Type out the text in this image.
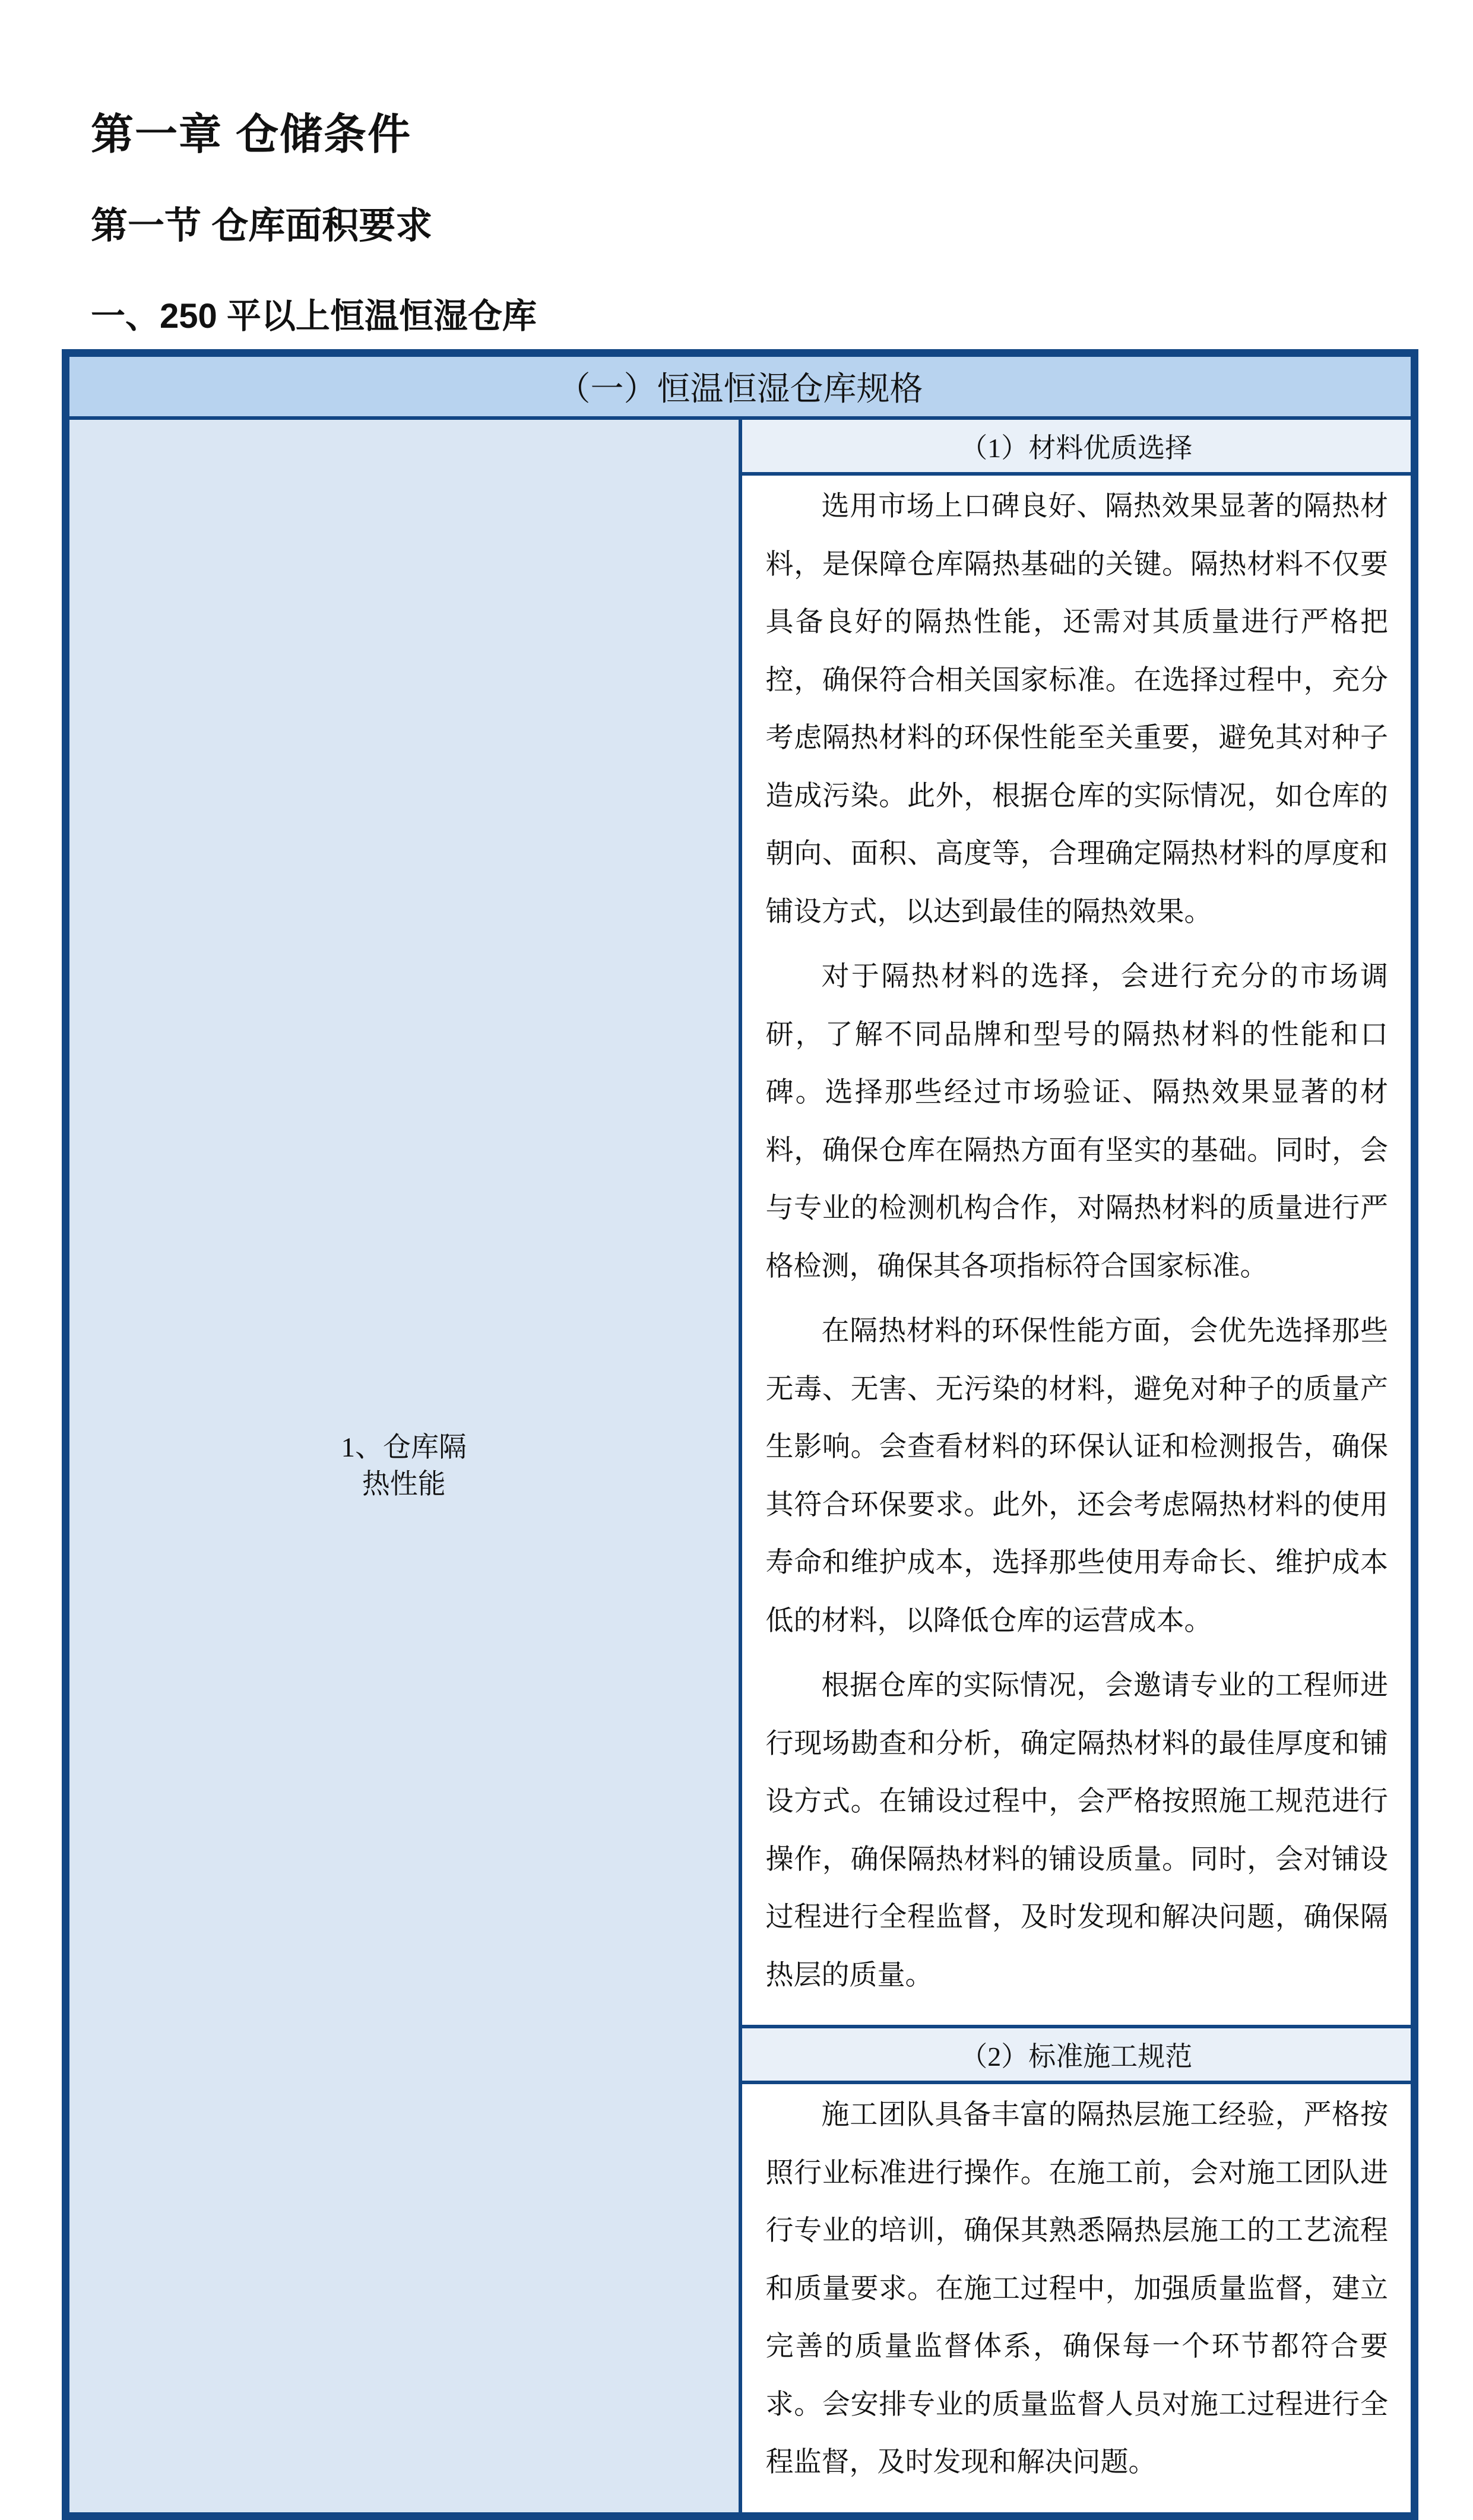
第一章 仓储条件
第一节 仓库面积要求
一、250 平以上恒温恒湿仓库
（一）恒温恒湿仓库规格

1、仓库隔
热性能
	（1）材料优质选择

选用市场上口碑良好、隔热效果显著的隔热材料，是保障仓库隔热基础的关键。隔热材料不仅要具备良好的隔热性能，还需对其质量进行严格把控，确保符合相关国家标准。在选择过程中，充分考虑隔热材料的环保性能至关重要，避免其对种子造成污染。此外，根据仓库的实际情况，如仓库的朝向、面积、高度等，合理确定隔热材料的厚度和铺设方式，以达到最佳的隔热效果。

对于隔热材料的选择，会进行充分的市场调研，了解不同品牌和型号的隔热材料的性能和口碑。选择那些经过市场验证、隔热效果显著的材料，确保仓库在隔热方面有坚实的基础。同时，会与专业的检测机构合作，对隔热材料的质量进行严格检测，确保其各项指标符合国家标准。

在隔热材料的环保性能方面，会优先选择那些无毒、无害、无污染的材料，避免对种子的质量产生影响。会查看材料的环保认证和检测报告，确保其符合环保要求。此外，还会考虑隔热材料的使用寿命和维护成本，选择那些使用寿命长、维护成本低的材料，以降低仓库的运营成本。

根据仓库的实际情况，会邀请专业的工程师进行现场勘查和分析，确定隔热材料的最佳厚度和铺设方式。在铺设过程中，会严格按照施工规范进行操作，确保隔热材料的铺设质量。同时，会对铺设过程进行全程监督，及时发现和解决问题，确保隔热层的质量。

（2）标准施工规范

施工团队具备丰富的隔热层施工经验，严格按照行业标准进行操作。在施工前，会对施工团队进行专业的培训，确保其熟悉隔热层施工的工艺流程和质量要求。在施工过程中，加强质量监督，建立完善的质量监督体系，确保每一个环节都符合要求。会安排专业的质量监督人员对施工过程进行全程监督，及时发现和解决问题。
